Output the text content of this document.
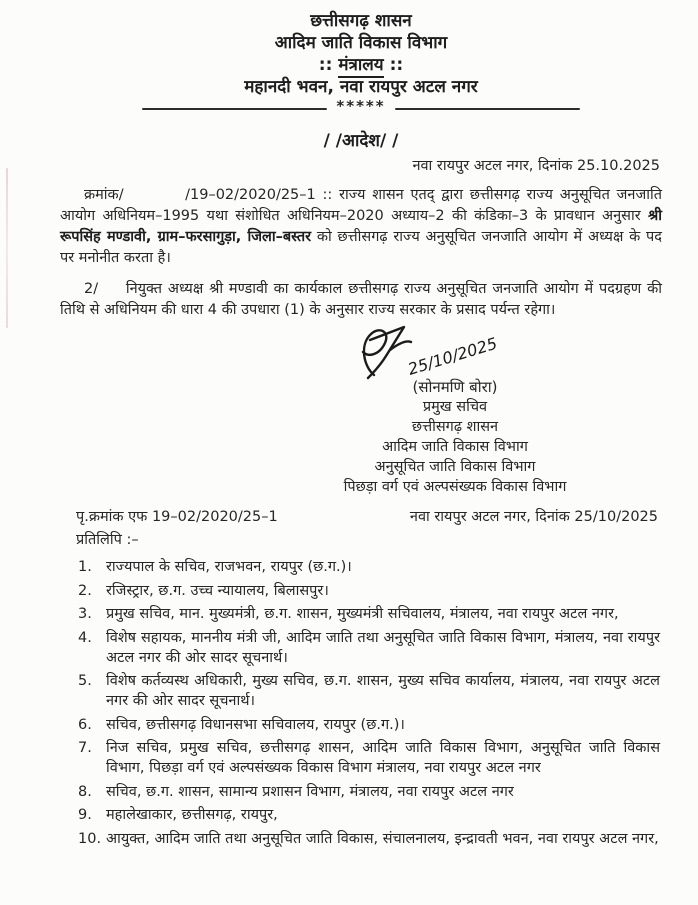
छत्तीसगढ़ शासन
आदिम जाति विकास विभाग
:: मंत्रालय ::
महानदी भवन, नवा रायपुर अटल नगर
*****
/ /आदेश/ /
नवा रायपुर अटल नगर, दिनांक 25.10.2025

क्रमांक/	/19–02/2020/25–1 :: राज्य शासन एतद् द्वारा छत्तीसगढ़ राज्य अनुसूचित जनजाति आयोग अधिनियम–1995 यथा संशोधित अधिनियम–2020 अध्याय–2 की कंडिका–3 के प्रावधान अनुसार श्री रूपसिंह मण्डावी, ग्राम–फरसागुड़ा, जिला–बस्तर को छत्तीसगढ़ राज्य अनुसूचित जनजाति आयोग में अध्यक्ष के पद पर मनोनीत करता है।

2/ नियुक्त अध्यक्ष श्री मण्डावी का कार्यकाल छत्तीसगढ़ राज्य अनुसूचित जनजाति आयोग में पदग्रहण की तिथि से अधिनियम की धारा 4 की उपधारा (1) के अनुसार राज्य सरकार के प्रसाद पर्यन्त रहेगा।

25/10/2025
(सोनमणि बोरा)
प्रमुख सचिव
छत्तीसगढ़ शासन
आदिम जाति विकास विभाग
अनुसूचित जाति विकास विभाग
पिछड़ा वर्ग एवं अल्पसंख्यक विकास विभाग
पृ.क्रमांक एफ 19–02/2020/25–1	नवा रायपुर अटल नगर, दिनांक 25/10/2025
प्रतिलिपि :–
राज्यपाल के सचिव, राजभवन, रायपुर (छ.ग.)।
रजिस्ट्रार, छ.ग. उच्च न्यायालय, बिलासपुर।
प्रमुख सचिव, मान. मुख्यमंत्री, छ.ग. शासन, मुख्यमंत्री सचिवालय, मंत्रालय, नवा रायपुर अटल नगर,
विशेष सहायक, माननीय मंत्री जी, आदिम जाति तथा अनुसूचित जाति विकास विभाग, मंत्रालय, नवा रायपुर अटल नगर की ओर सादर सूचनार्थ।
विशेष कर्तव्यस्थ अधिकारी, मुख्य सचिव, छ.ग. शासन, मुख्य सचिव कार्यालय, मंत्रालय, नवा रायपुर अटल नगर की ओर सादर सूचनार्थ।
सचिव, छत्तीसगढ़ विधानसभा सचिवालय, रायपुर (छ.ग.)।
निज सचिव, प्रमुख सचिव, छत्तीसगढ़ शासन, आदिम जाति विकास विभाग, अनुसूचित जाति विकास विभाग, पिछड़ा वर्ग एवं अल्पसंख्यक विकास विभाग मंत्रालय, नवा रायपुर अटल नगर
सचिव, छ.ग. शासन, सामान्य प्रशासन विभाग, मंत्रालय, नवा रायपुर अटल नगर
महालेखाकार, छत्तीसगढ़, रायपुर,
आयुक्त, आदिम जाति तथा अनुसूचित जाति विकास, संचालनालय, इन्द्रावती भवन, नवा रायपुर अटल नगर,
